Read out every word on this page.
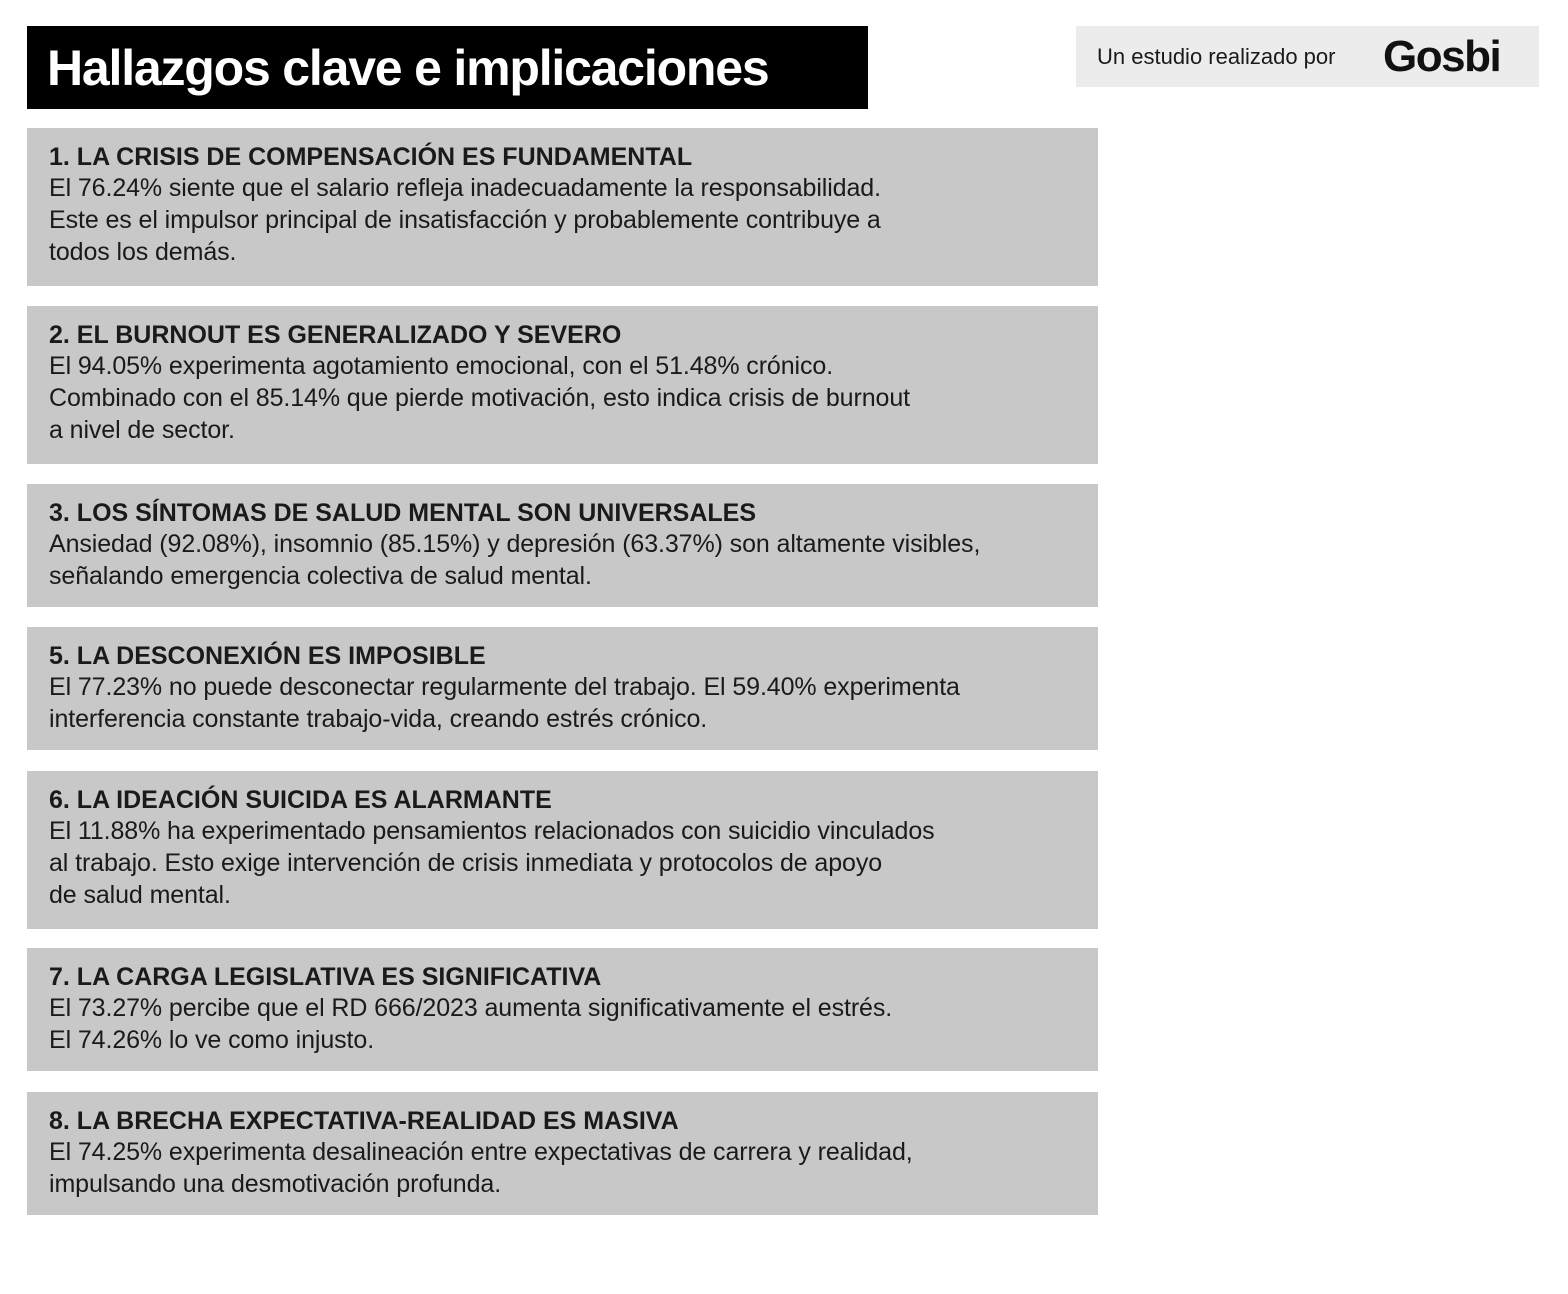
Hallazgos clave e implicaciones	Un estudio realizado por Gosbi
1. LA CRISIS DE COMPENSACIÓN ES FUNDAMENTAL
El 76.24% siente que el salario refleja inadecuadamente la responsabilidad.
Este es el impulsor principal de insatisfacción y probablemente contribuye a
todos los demás.
2. EL BURNOUT ES GENERALIZADO Y SEVERO
El 94.05% experimenta agotamiento emocional, con el 51.48% crónico.
Combinado con el 85.14% que pierde motivación, esto indica crisis de burnout
a nivel de sector.
3. LOS SÍNTOMAS DE SALUD MENTAL SON UNIVERSALES
Ansiedad (92.08%), insomnio (85.15%) y depresión (63.37%) son altamente visibles,
señalando emergencia colectiva de salud mental.
5. LA DESCONEXIÓN ES IMPOSIBLE
El 77.23% no puede desconectar regularmente del trabajo. El 59.40% experimenta
interferencia constante trabajo-vida, creando estrés crónico.
6. LA IDEACIÓN SUICIDA ES ALARMANTE
El 11.88% ha experimentado pensamientos relacionados con suicidio vinculados
al trabajo. Esto exige intervención de crisis inmediata y protocolos de apoyo
de salud mental.
7. LA CARGA LEGISLATIVA ES SIGNIFICATIVA
El 73.27% percibe que el RD 666/2023 aumenta significativamente el estrés.
El 74.26% lo ve como injusto.
8. LA BRECHA EXPECTATIVA-REALIDAD ES MASIVA
El 74.25% experimenta desalineación entre expectativas de carrera y realidad,
impulsando una desmotivación profunda.
